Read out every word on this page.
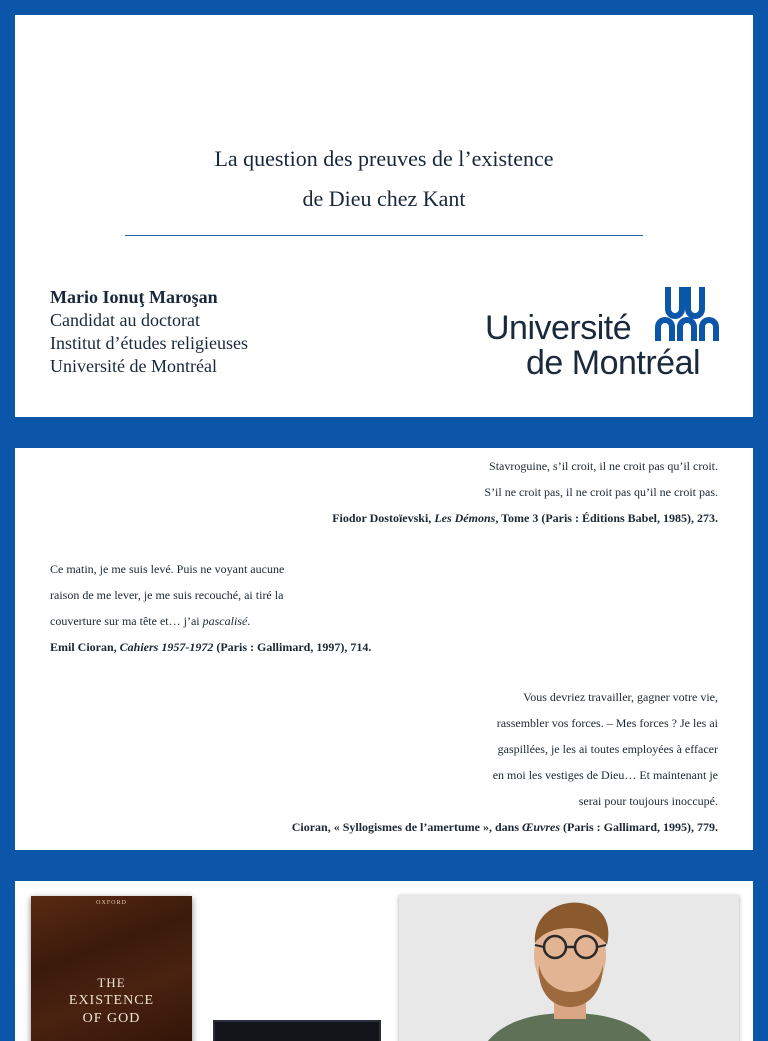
La question des preuves de l’existence
de Dieu chez Kant
Mario Ionuţ Maroşan
Candidat au doctorat
Institut d’études religieuses
Université de Montréal
Université
de Montréal
Stavroguine, s’il croit, il ne croit pas qu’il croit.
S’il ne croit pas, il ne croit pas qu’il ne croit pas.
Fiodor Dostoïevski, Les Démons, Tome 3 (Paris : Éditions Babel, 1985), 273.
Ce matin, je me suis levé. Puis ne voyant aucune
raison de me lever, je me suis recouché, ai tiré la
couverture sur ma tête et… j’ai pascalisé.
Emil Cioran, Cahiers 1957-1972 (Paris : Gallimard, 1997), 714.
Vous devriez travailler, gagner votre vie,
rassembler vos forces. – Mes forces ? Je les ai
gaspillées, je les ai toutes employées à effacer
en moi les vestiges de Dieu… Et maintenant je
serai pour toujours inoccupé.
Cioran, « Syllogismes de l’amertume », dans Œuvres (Paris : Gallimard, 1995), 779.
OXFORD
THE
EXISTENCE
OF GOD
